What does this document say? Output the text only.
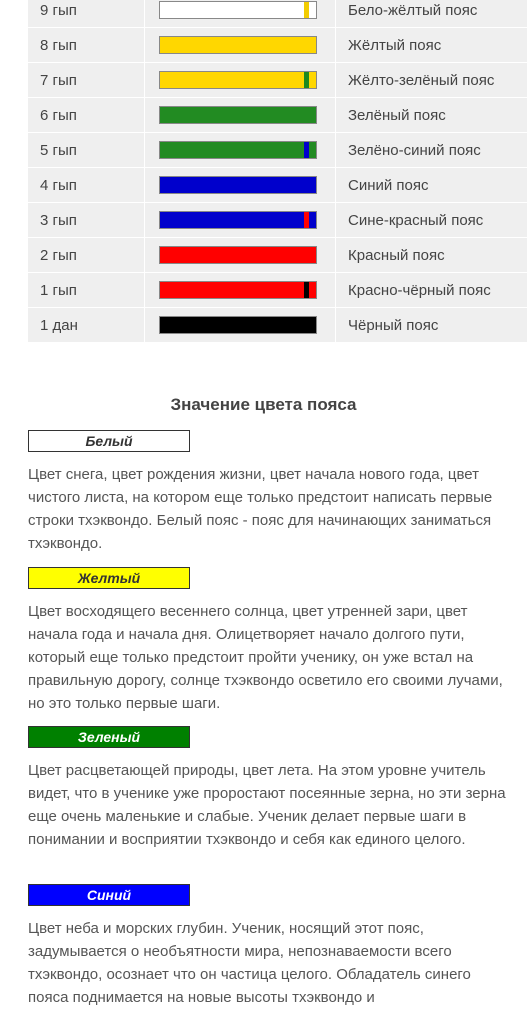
9 гып		Бело-жёлтый пояс
8 гып		Жёлтый пояс
7 гып		Жёлто-зелёный пояс
6 гып		Зелёный пояс
5 гып		Зелёно-синий пояс
4 гып		Синий пояс
3 гып		Сине-красный пояс
2 гып		Красный пояс
1 гып		Красно-чёрный пояс
1 дан		Чёрный пояс
Значение цвета пояса
Белый

Цвет снега, цвет рождения жизни, цвет начала нового года, цвет чистого листа, на котором еще только предстоит написать первые строки тхэквондо. Белый пояс - пояс для начинающих заниматься тхэквондо.

Желтый

Цвет восходящего весеннего солнца, цвет утренней зари, цвет начала года и начала дня. Олицетворяет начало долгого пути, который еще только предстоит пройти ученику, он уже встал на правильную дорогу, солнце тхэквондо осветило его своими лучами, но это только первые шаги.

Зеленый

Цвет расцветающей природы, цвет лета. На этом уровне учитель видет, что в ученике уже проростают посеянные зерна, но эти зерна еще очень маленькие и слабые. Ученик делает первые шаги в понимании и восприятии тхэквондо и себя как единого целого.

Синий

Цвет неба и морских глубин. Ученик, носящий этот пояс, задумывается о необъятности мира, непознаваемости всего тхэквондо, осознает что он частица целого. Обладатель синего пояса поднимается на новые высоты тхэквондо и
